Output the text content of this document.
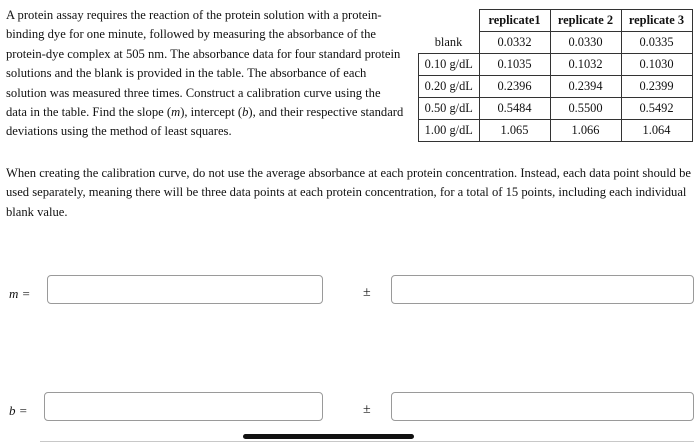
A protein assay requires the reaction of the protein solution with a protein-binding dye for one minute, followed by measuring the absorbance of the protein-dye complex at 505 nm. The absorbance data for four standard protein solutions and the blank is provided in the table. The absorbance of each solution was measured three times. Construct a calibration curve using the data in the table. Find the slope (m), intercept (b), and their respective standard deviations using the method of least squares.

	replicate1	replicate 2	replicate 3
blank	0.0332	0.0330	0.0335
0.10 g/dL	0.1035	0.1032	0.1030
0.20 g/dL	0.2396	0.2394	0.2399
0.50 g/dL	0.5484	0.5500	0.5492
1.00 g/dL	1.065	1.066	1.064

When creating the calibration curve, do not use the average absorbance at each protein concentration. Instead, each data point should be used separately, meaning there will be three data points at each protein concentration, for a total of 15 points, including each individual blank value.

m =	±
b =	±
